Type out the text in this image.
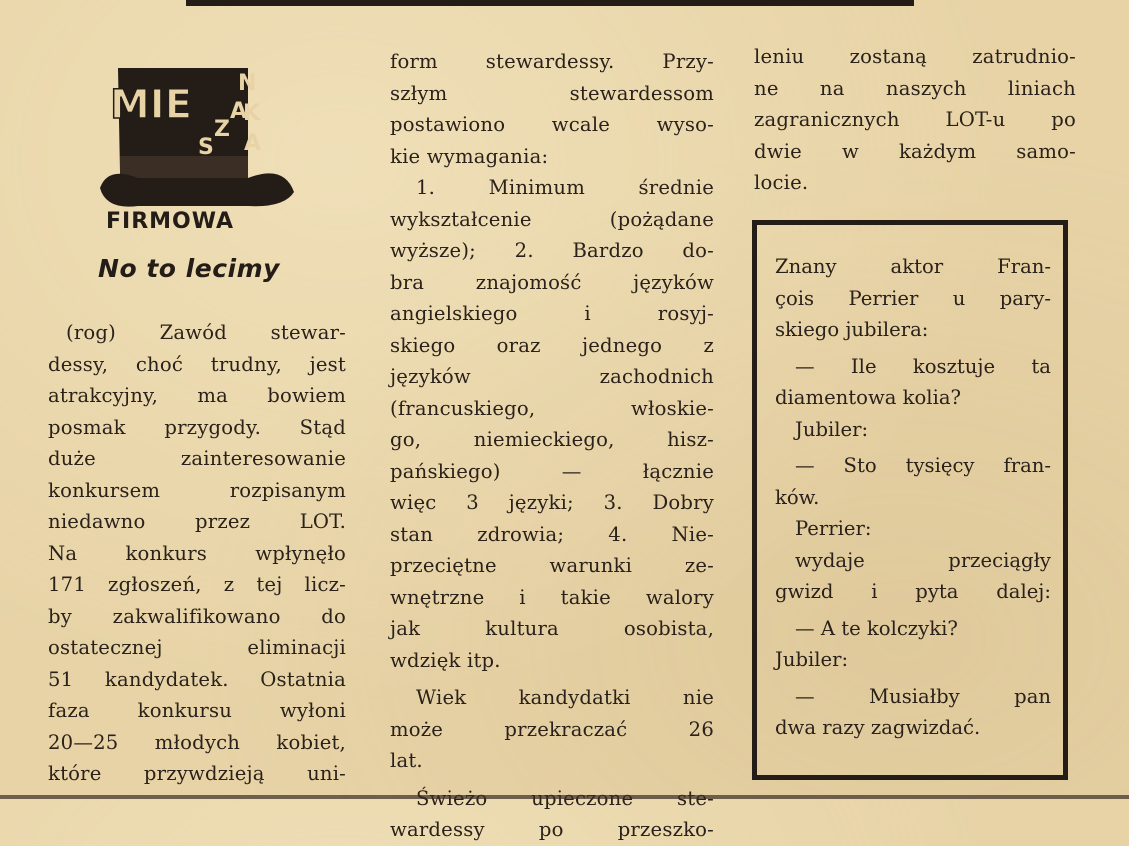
MIE
S
Z
A
N
K
A
FIRMOWA
No to lecimy
(rog) Zawód stewar-
dessy, choć trudny, jest
atrakcyjny, ma bowiem
posmak przygody. Stąd
duże zainteresowanie
konkursem rozpisanym
niedawno przez LOT.
Na konkurs wpłynęło
171 zgłoszeń, z tej licz-
by zakwalifikowano do
ostatecznej eliminacji
51 kandydatek. Ostatnia
faza konkursu wyłoni
20—25 młodych kobiet,
które przywdzieją uni-
form stewardessy. Przy-
szłym stewardessom
postawiono wcale wyso-
kie wymagania:
1. Minimum średnie
wykształcenie (pożądane
wyższe); 2. Bardzo do-
bra znajomość języków
angielskiego i rosyj-
skiego oraz jednego z
języków zachodnich
(francuskiego, włoskie-
go, niemieckiego, hisz-
pańskiego) — łącznie
więc 3 języki; 3. Dobry
stan zdrowia; 4. Nie-
przeciętne warunki ze-
wnętrzne i takie walory
jak kultura osobista,
wdzięk itp.
Wiek kandydatki nie
może przekraczać 26
lat.
wardessy po przeszko-
leniu zostaną zatrudnio-
ne na naszych liniach
zagranicznych LOT-u po
dwie w każdym samo-
locie.
Znany aktor Fran-
çois Perrier u pary-
skiego jubilera:
— Ile kosztuje ta
diamentowa kolia?
Jubiler:
— Sto tysięcy fran-
ków.
Perrier:
wydaje przeciągły
gwizd i pyta dalej:
— A te kolczyki?
Jubiler:
— Musiałby pan
dwa razy zagwizdać.
